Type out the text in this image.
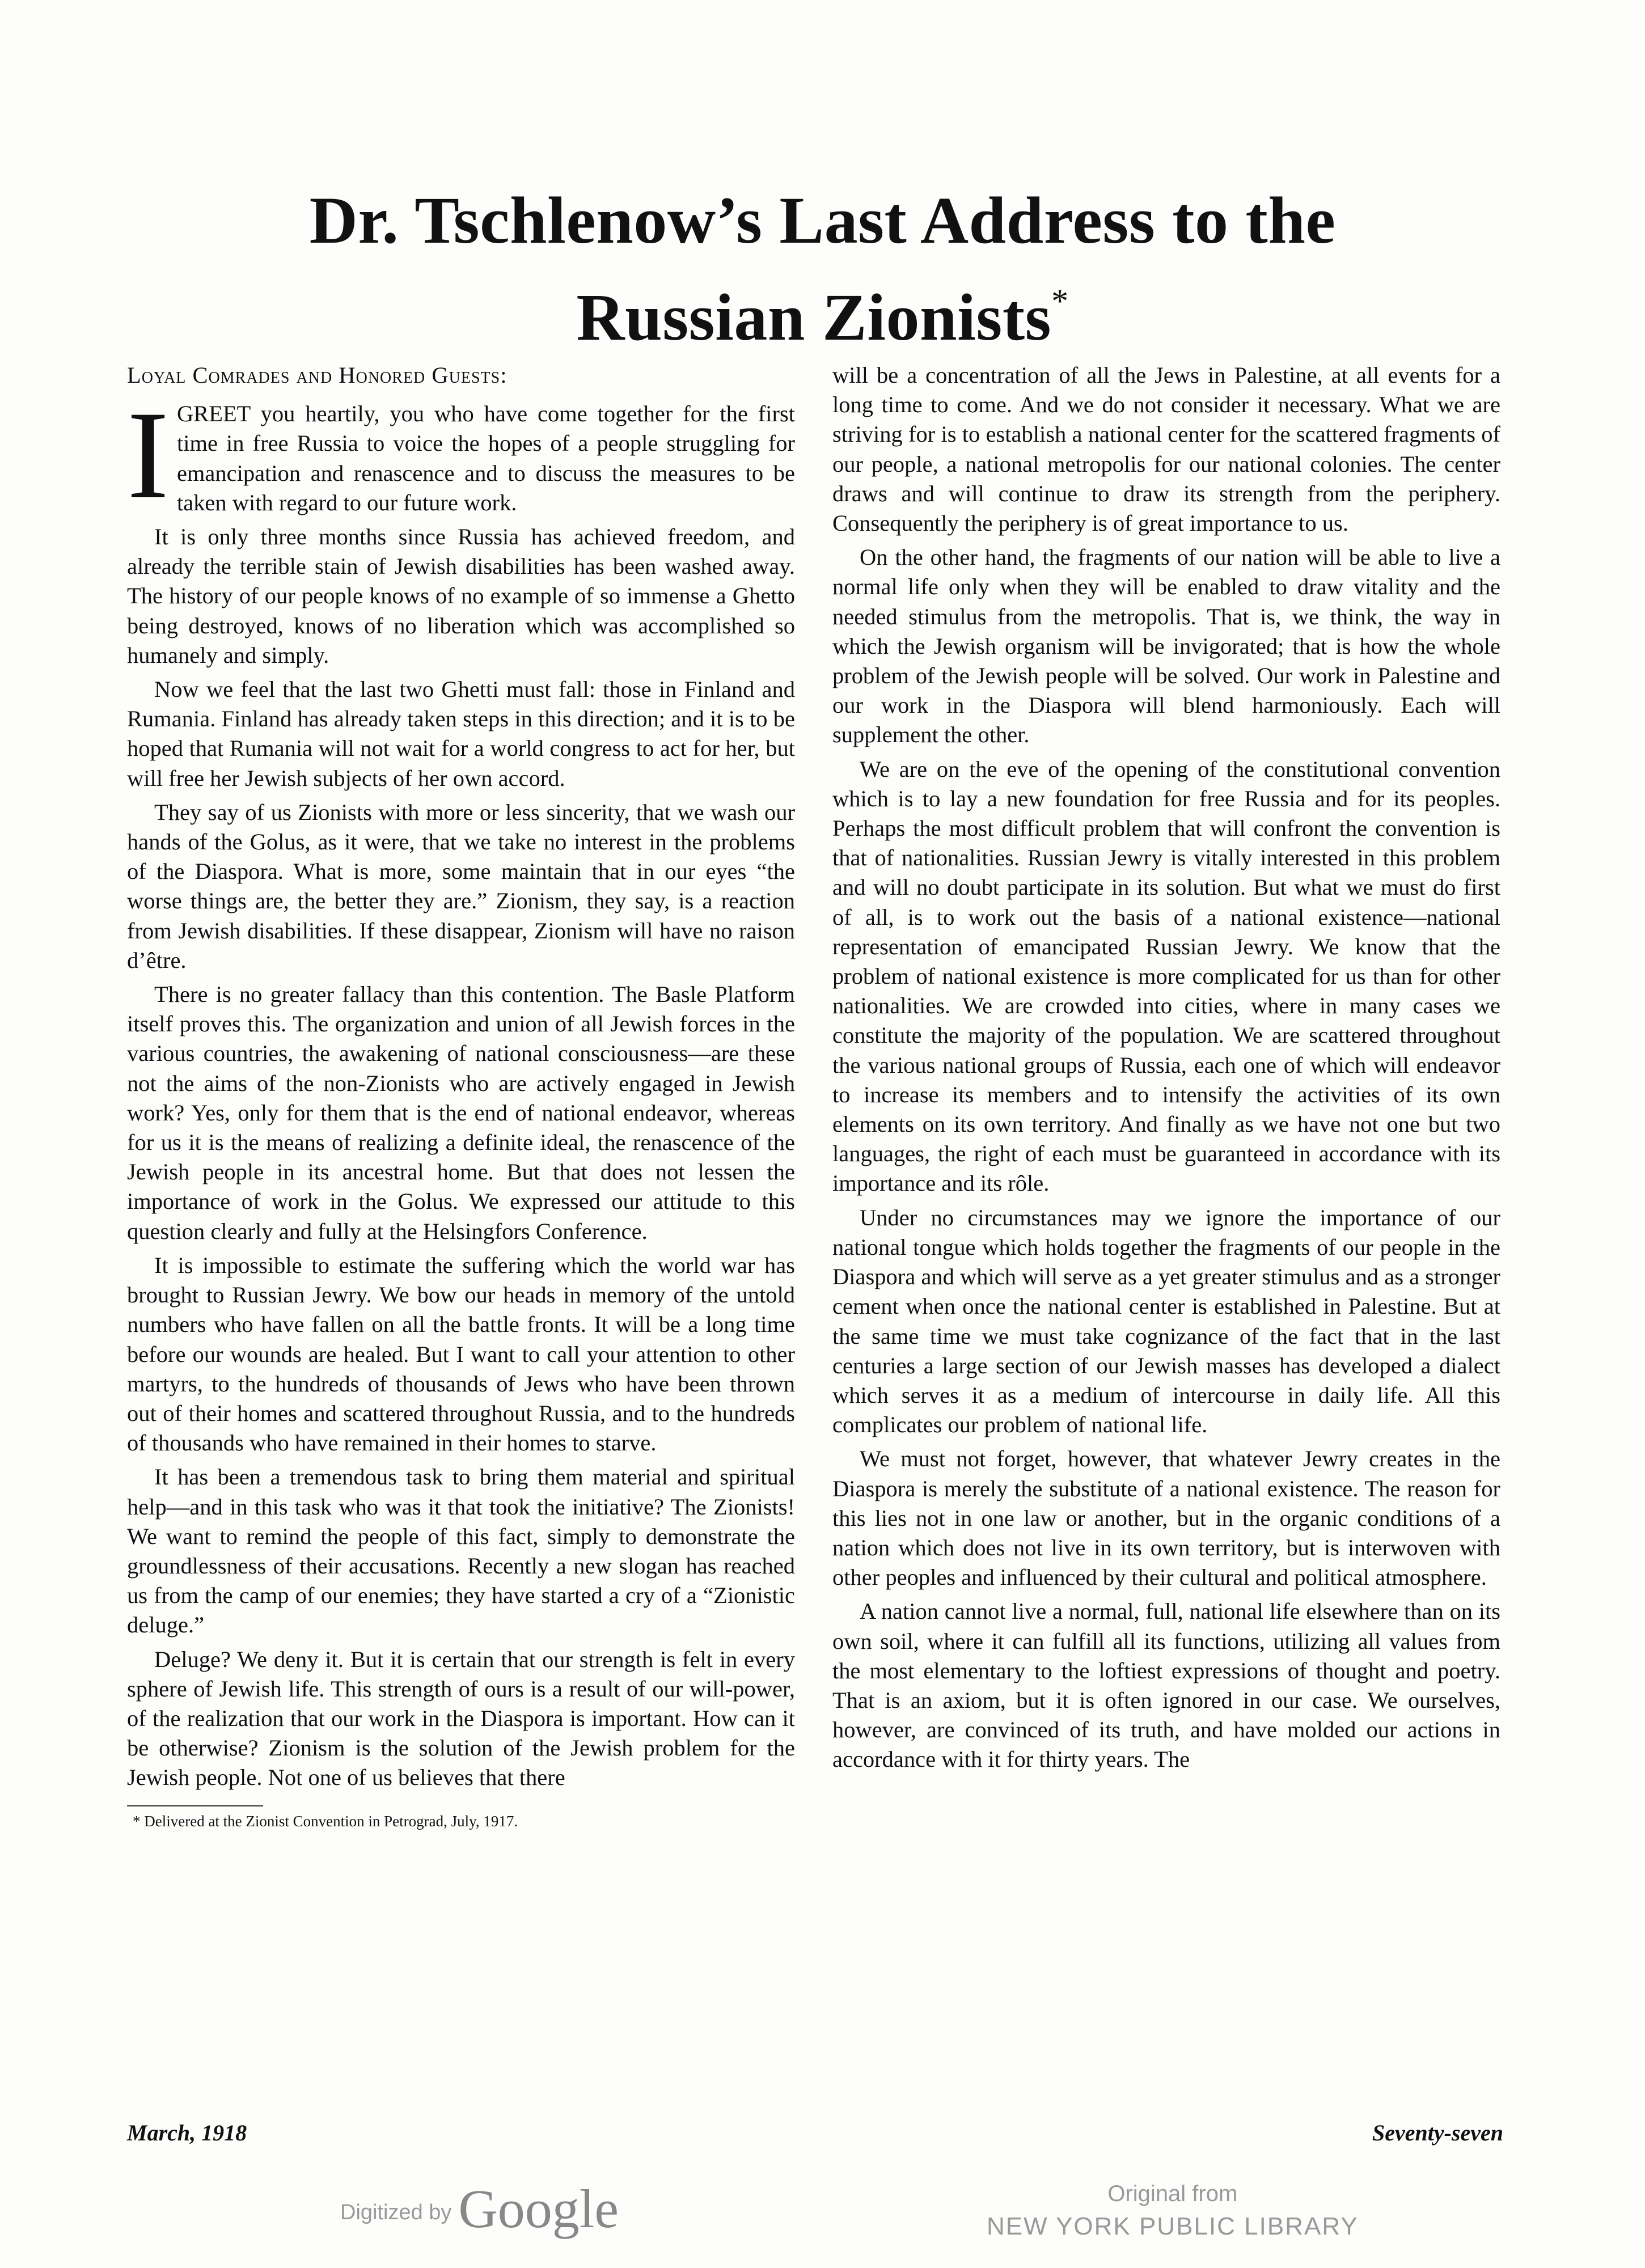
Dr. Tschlenow’s Last Address to the
Russian Zionists*

Loyal Comrades and Honored Guests:

IGREET you heartily, you who have come together for the first time in free Russia to voice the hopes of a people struggling for emancipation and renascence and to discuss the measures to be taken with regard to our future work.

It is only three months since Russia has achieved freedom, and already the terrible stain of Jewish disabilities has been washed away. The history of our people knows of no example of so immense a Ghetto being destroyed, knows of no liberation which was accomplished so humanely and simply.

Now we feel that the last two Ghetti must fall: those in Finland and Rumania. Finland has already taken steps in this direction; and it is to be hoped that Rumania will not wait for a world congress to act for her, but will free her Jewish subjects of her own accord.

They say of us Zionists with more or less sincerity, that we wash our hands of the Golus, as it were, that we take no interest in the problems of the Diaspora. What is more, some maintain that in our eyes “the worse things are, the better they are.” Zionism, they say, is a reaction from Jewish disabilities. If these disappear, Zionism will have no raison d’être.

There is no greater fallacy than this contention. The Basle Platform itself proves this. The organization and union of all Jewish forces in the various countries, the awakening of national consciousness—are these not the aims of the non-Zionists who are actively engaged in Jewish work? Yes, only for them that is the end of national endeavor, whereas for us it is the means of realizing a definite ideal, the renascence of the Jewish people in its ancestral home. But that does not lessen the importance of work in the Golus. We expressed our attitude to this question clearly and fully at the Helsingfors Conference.

It is impossible to estimate the suffering which the world war has brought to Russian Jewry. We bow our heads in memory of the untold numbers who have fallen on all the battle fronts. It will be a long time before our wounds are healed. But I want to call your attention to other martyrs, to the hundreds of thousands of Jews who have been thrown out of their homes and scattered throughout Russia, and to the hundreds of thousands who have remained in their homes to starve.

It has been a tremendous task to bring them material and spiritual help—and in this task who was it that took the initiative? The Zionists! We want to remind the people of this fact, simply to demonstrate the groundlessness of their accusations. Recently a new slogan has reached us from the camp of our enemies; they have started a cry of a “Zionistic deluge.”

Deluge? We deny it. But it is certain that our strength is felt in every sphere of Jewish life. This strength of ours is a result of our will-power, of the realization that our work in the Diaspora is important. How can it be otherwise? Zionism is the solution of the Jewish problem for the Jewish people. Not one of us believes that there

* Delivered at the Zionist Convention in Petrograd, July, 1917.

will be a concentration of all the Jews in Palestine, at all events for a long time to come. And we do not consider it necessary. What we are striving for is to establish a national center for the scattered fragments of our people, a national metropolis for our national colonies. The center draws and will continue to draw its strength from the periphery. Consequently the periphery is of great importance to us.

On the other hand, the fragments of our nation will be able to live a normal life only when they will be enabled to draw vitality and the needed stimulus from the metropolis. That is, we think, the way in which the Jewish organism will be invigorated; that is how the whole problem of the Jewish people will be solved. Our work in Palestine and our work in the Diaspora will blend harmoniously. Each will supplement the other.

We are on the eve of the opening of the constitutional convention which is to lay a new foundation for free Russia and for its peoples. Perhaps the most difficult problem that will confront the convention is that of nationalities. Russian Jewry is vitally interested in this problem and will no doubt participate in its solution. But what we must do first of all, is to work out the basis of a national existence—national representation of emancipated Russian Jewry. We know that the problem of national existence is more complicated for us than for other nationalities. We are crowded into cities, where in many cases we constitute the majority of the population. We are scattered throughout the various national groups of Russia, each one of which will endeavor to increase its members and to intensify the activities of its own elements on its own territory. And finally as we have not one but two languages, the right of each must be guaranteed in accordance with its importance and its rôle.

Under no circumstances may we ignore the importance of our national tongue which holds together the fragments of our people in the Diaspora and which will serve as a yet greater stimulus and as a stronger cement when once the national center is established in Palestine. But at the same time we must take cognizance of the fact that in the last centuries a large section of our Jewish masses has developed a dialect which serves it as a medium of intercourse in daily life. All this complicates our problem of national life.

We must not forget, however, that whatever Jewry creates in the Diaspora is merely the substitute of a national existence. The reason for this lies not in one law or another, but in the organic conditions of a nation which does not live in its own territory, but is interwoven with other peoples and influenced by their cultural and political atmosphere.

A nation cannot live a normal, full, national life elsewhere than on its own soil, where it can fulfill all its functions, utilizing all values from the most elementary to the loftiest expressions of thought and poetry. That is an axiom, but it is often ignored in our case. We ourselves, however, are convinced of its truth, and have molded our actions in accordance with it for thirty years. The

March, 1918	Seventy-seven
Digitized by Google	Original from
NEW YORK PUBLIC LIBRARY
